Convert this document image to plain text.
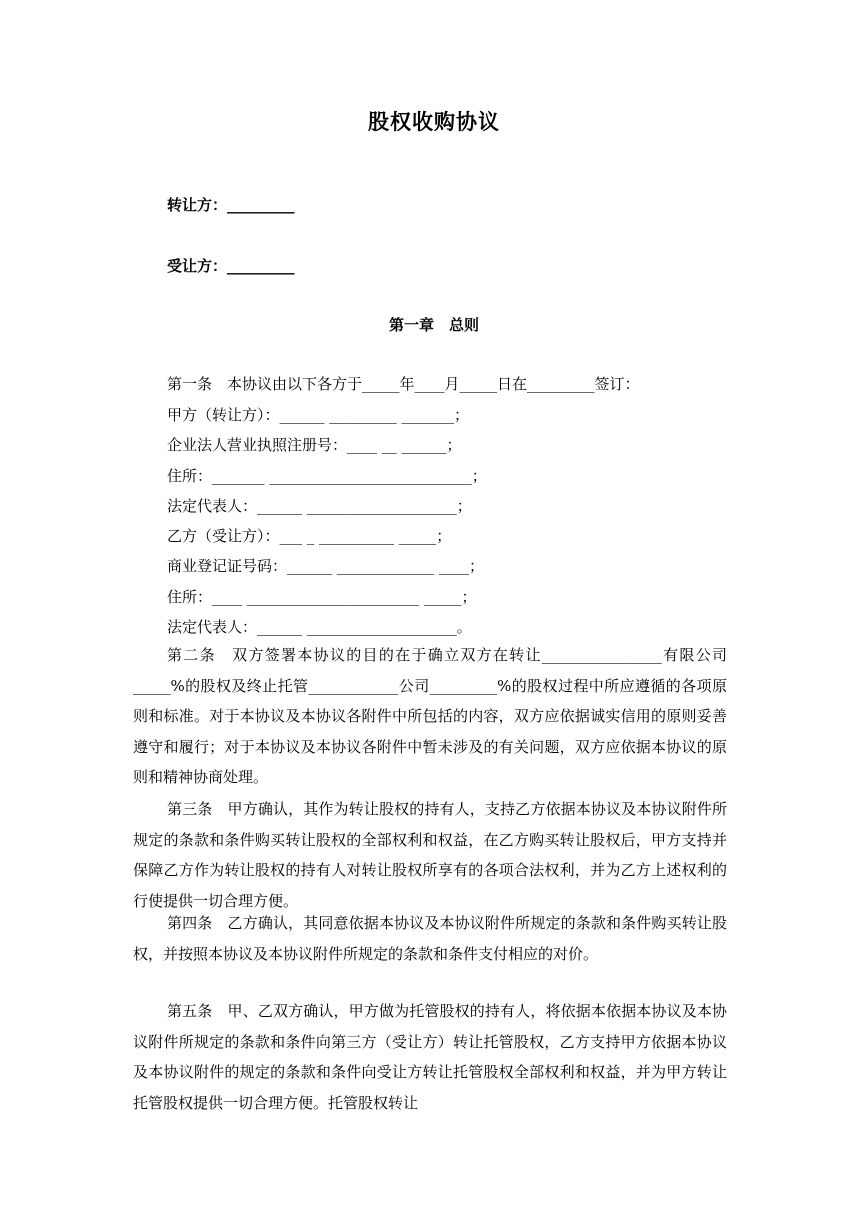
股权收购协议
转让方：_________
受让方：_________
第一章　总则
第一条　本协议由以下各方于_____年____月_____日在_________签订：
甲方（转让方）：______ _________ _______；
企业法人营业执照注册号：____ __ ______；
住所：_______ ___________________________；
法定代表人：______ ____________________；
乙方（受让方）：___ _ __________ _____；
商业登记证号码：______ _____________ ____；
住所：____ _______________________ _____；
法定代表人：______ ____________________。
第二条　双方签署本协议的目的在于确立双方在转让________________有限公司_____%的股权及终止托管____________公司_________%的股权过程中所应遵循的各项原则和标准。对于本协议及本协议各附件中所包括的内容，双方应依据诚实信用的原则妥善遵守和履行；对于本协议及本协议各附件中暂未涉及的有关问题，双方应依据本协议的原则和精神协商处理。
第三条　甲方确认，其作为转让股权的持有人，支持乙方依据本协议及本协议附件所规定的条款和条件购买转让股权的全部权利和权益，在乙方购买转让股权后，甲方支持并保障乙方作为转让股权的持有人对转让股权所享有的各项合法权利，并为乙方上述权利的行使提供一切合理方便。
第四条　乙方确认，其同意依据本协议及本协议附件所规定的条款和条件购买转让股权，并按照本协议及本协议附件所规定的条款和条件支付相应的对价。
第五条　甲、乙双方确认，甲方做为托管股权的持有人，将依据本依据本协议及本协议附件所规定的条款和条件向第三方（受让方）转让托管股权，乙方支持甲方依据本协议及本协议附件的规定的条款和条件向受让方转让托管股权全部权利和权益，并为甲方转让托管股权提供一切合理方便。托管股权转让
